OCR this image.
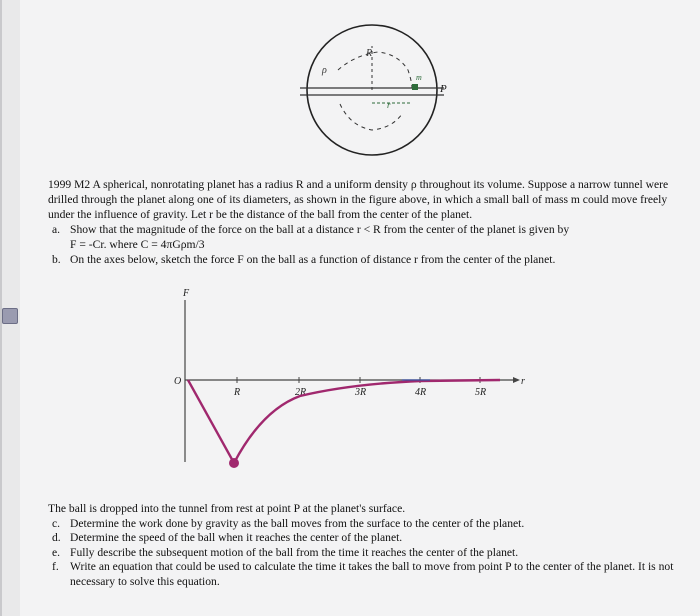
m
ρ
R
P
r

1999 M2 A spherical, nonrotating planet has a radius R and a uniform density ρ throughout its volume. Suppose a narrow tunnel were drilled through the planet along one of its diameters, as shown in the figure above, in which a small ball of mass m could move freely under the influence of gravity. Let r be the distance of the ball from the center of the planet.

a. Show that the magnitude of the force on the ball at a distance r < R from the center of the planet is given by

F = -Cr. where C = 4πGρm/3

b. On the axes below, sketch the force F on the ball as a function of distance r from the center of the planet.

F
r
O
R	2R	3R	4R	5R

The ball is dropped into the tunnel from rest at point P at the planet's surface.

c. Determine the work done by gravity as the ball moves from the surface to the center of the planet.

d. Determine the speed of the ball when it reaches the center of the planet.

e. Fully describe the subsequent motion of the ball from the time it reaches the center of the planet.

f. Write an equation that could be used to calculate the time it takes the ball to move from point P to the center of the planet. It is not necessary to solve this equation.
